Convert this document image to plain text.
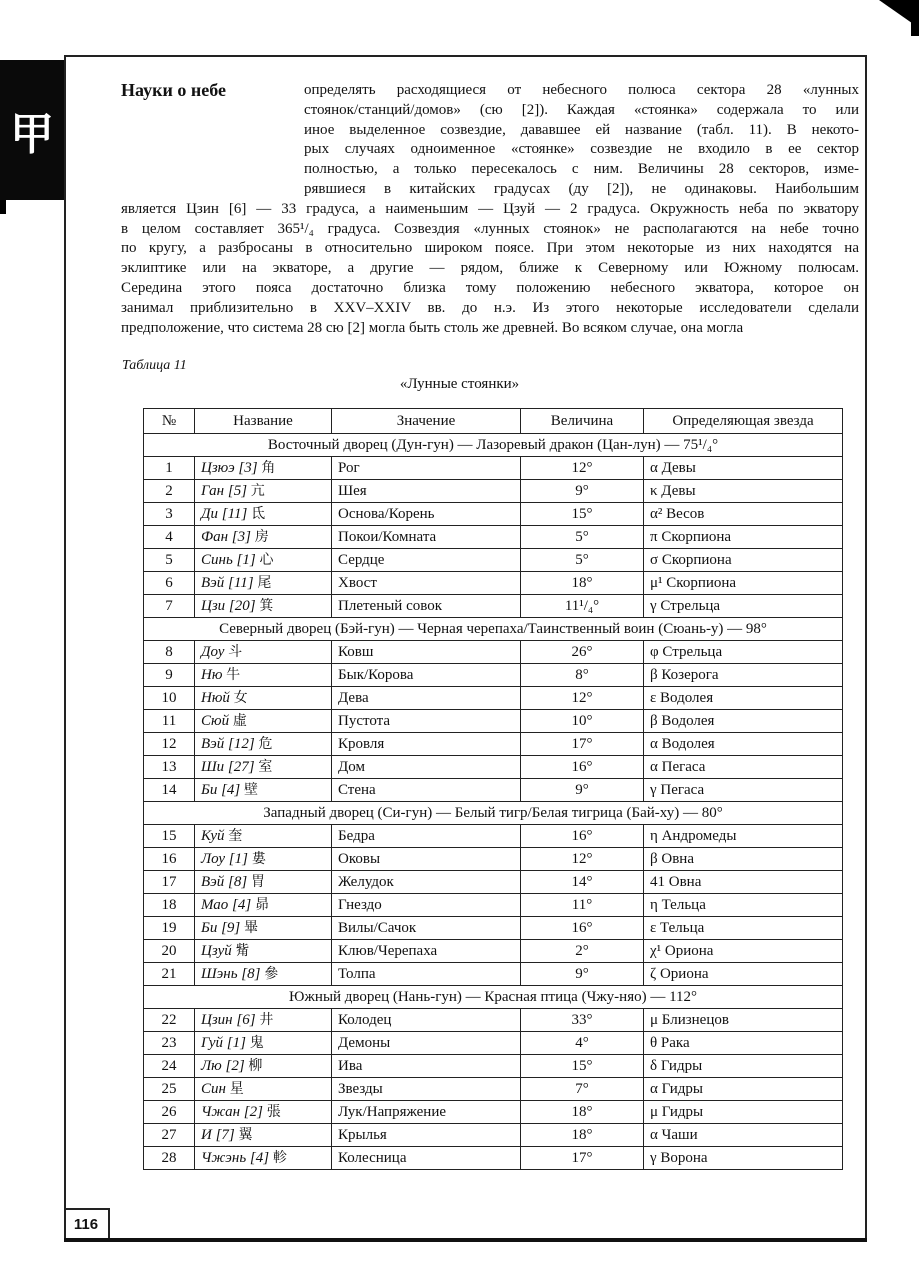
甲
Науки о небе	определять расходящиеся от небесного полюса сектора 28 «лунных

стоянок/станций/домов» (сю [2]). Каждая «стоянка» содержала то или

иное выделенное созвездие, дававшее ей название (табл. 11). В некото-

рых случаях одноименное «стоянке» созвездие не входило в ее сектор

полностью, а только пересекалось с ним. Величины 28 секторов, изме-

рявшиеся в китайских градусах (ду [2]), не одинаковы. Наибольшим

является Цзин [6] — 33 градуса, а наименьшим — Цзуй — 2 градуса. Окружность неба по экватору

в целом составляет 365¹/₄ градуса. Созвездия «лунных стоянок» не располагаются на небе точно

по кругу, а разбросаны в относительно широком поясе. При этом некоторые из них находятся на

эклиптике или на экваторе, а другие — рядом, ближе к Северному или Южному полюсам.

Середина этого пояса достаточно близка тому положению небесного экватора, которое он

занимал приблизительно в XXV–XXIV вв. до н.э. Из этого некоторые исследователи сделали

предположение, что система 28 сю [2] могла быть столь же древней. Во всяком случае, она могла

Таблица 11
«Лунные стоянки»
№	Название	Значение	Величина	Определяющая звезда
Восточный дворец (Дун-гун) — Лазоревый дракон (Цан-лун) — 75¹/₄°				
1	Цзюэ [3] 角	Рог	12°	α Девы
2	Ган [5] 亢	Шея	9°	κ Девы
3	Ди [11] 氐	Основа/Корень	15°	α² Весов
4	Фан [3] 房	Покои/Комната	5°	π Скорпиона
5	Синь [1] 心	Сердце	5°	σ Скорпиона
6	Вэй [11] 尾	Хвост	18°	μ¹ Скорпиона
7	Цзи [20] 箕	Плетеный совок	11¹/₄°	γ Стрельца
Северный дворец (Бэй-гун) — Черная черепаха/Таинственный воин (Сюань-у) — 98°				
8	Доу 斗	Ковш	26°	φ Стрельца
9	Ню 牛	Бык/Корова	8°	β Козерога
10	Нюй 女	Дева	12°	ε Водолея
11	Сюй 虛	Пустота	10°	β Водолея
12	Вэй [12] 危	Кровля	17°	α Водолея
13	Ши [27] 室	Дом	16°	α Пегаса
14	Би [4] 壁	Стена	9°	γ Пегаса
Западный дворец (Си-гун) — Белый тигр/Белая тигрица (Бай-ху) — 80°				
15	Куй 奎	Бедра	16°	η Андромеды
16	Лоу [1] 婁	Оковы	12°	β Овна
17	Вэй [8] 胃	Желудок	14°	41 Овна
18	Мао [4] 昴	Гнездо	11°	η Тельца
19	Би [9] 畢	Вилы/Сачок	16°	ε Тельца
20	Цзуй 觜	Клюв/Черепаха	2°	χ¹ Ориона
21	Шэнь [8] 參	Толпа	9°	ζ Ориона
Южный дворец (Нань-гун) — Красная птица (Чжу-няо) — 112°				
22	Цзин [6] 井	Колодец	33°	μ Близнецов
23	Гуй [1] 鬼	Демоны	4°	θ Рака
24	Лю [2] 柳	Ива	15°	δ Гидры
25	Син 星	Звезды	7°	α Гидры
26	Чжан [2] 張	Лук/Напряжение	18°	μ Гидры
27	И [7] 翼	Крылья	18°	α Чаши
28	Чжэнь [4] 軫	Колесница	17°	γ Ворона
116
